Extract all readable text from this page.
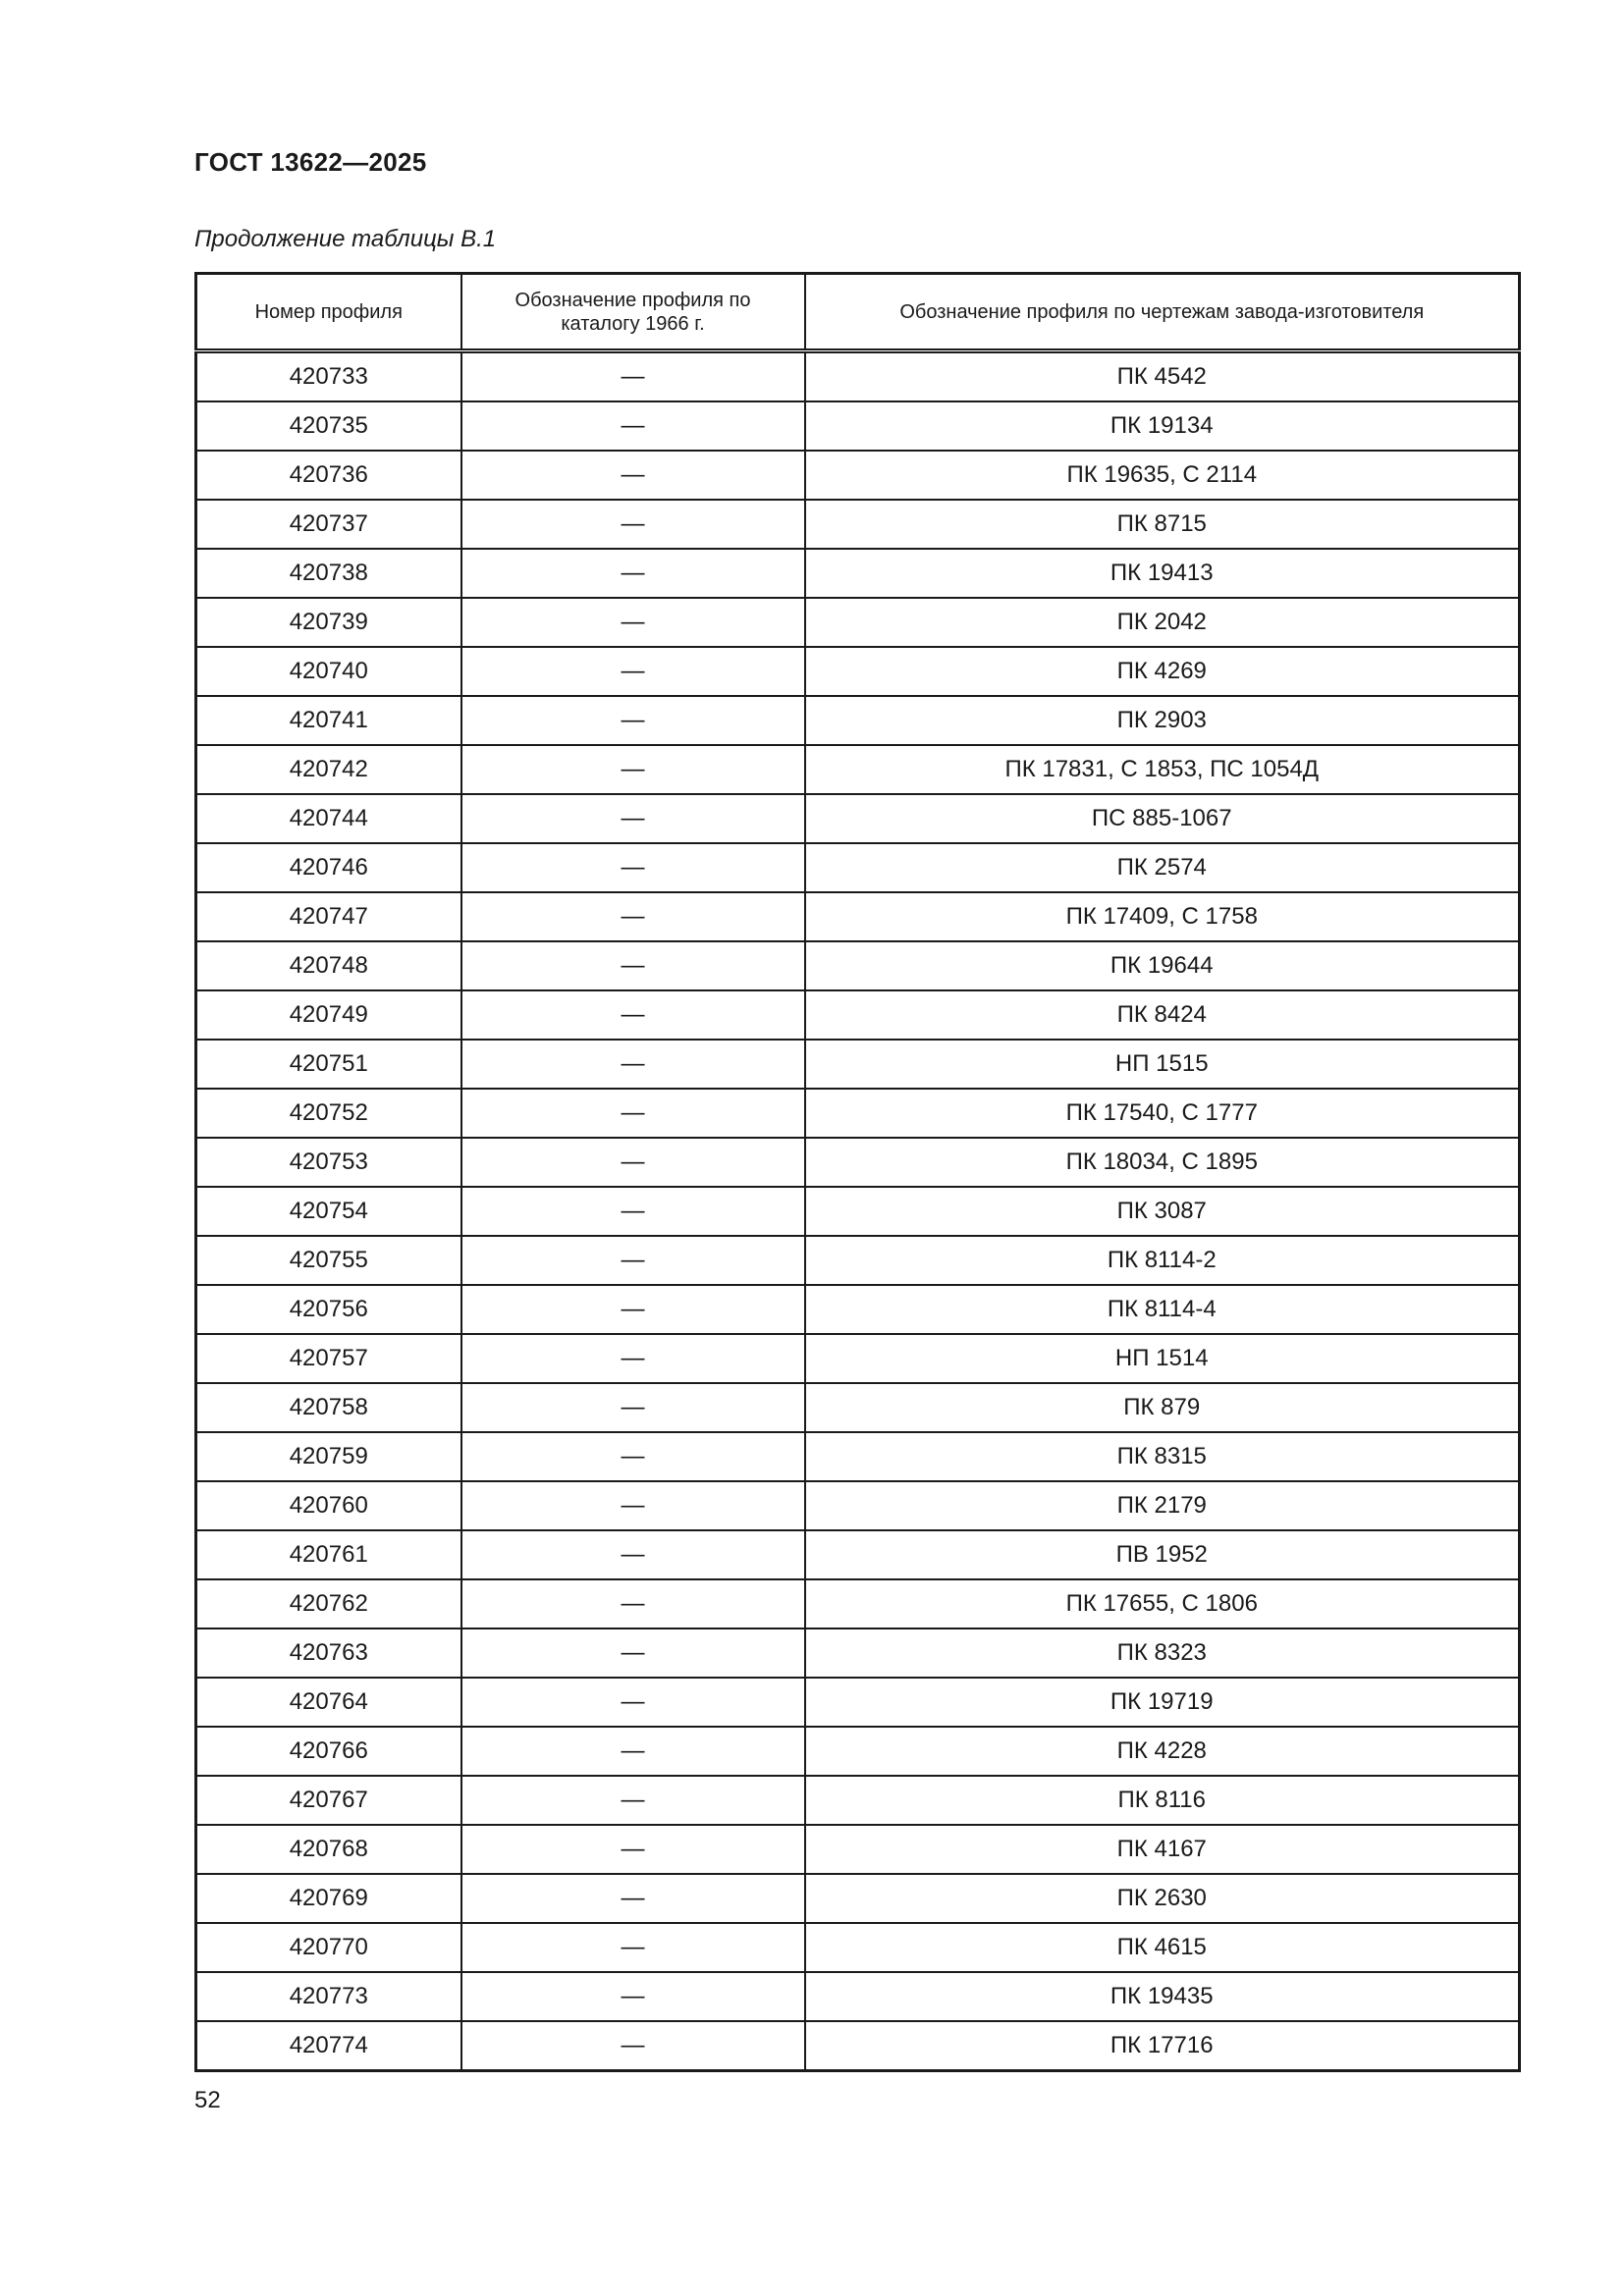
ГОСТ 13622—2025
Продолжение таблицы В.1
Номер профиля	Обозначение профиля по каталогу 1966 г.	Обозначение профиля по чертежам завода-изготовителя
420733	—	ПК 4542
420735	—	ПК 19134
420736	—	ПК 19635, С 2114
420737	—	ПК 8715
420738	—	ПК 19413
420739	—	ПК 2042
420740	—	ПК 4269
420741	—	ПК 2903
420742	—	ПК 17831, С 1853, ПС 1054Д
420744	—	ПС 885-1067
420746	—	ПК 2574
420747	—	ПК 17409, С 1758
420748	—	ПК 19644
420749	—	ПК 8424
420751	—	НП 1515
420752	—	ПК 17540, С 1777
420753	—	ПК 18034, С 1895
420754	—	ПК 3087
420755	—	ПК 8114-2
420756	—	ПК 8114-4
420757	—	НП 1514
420758	—	ПК 879
420759	—	ПК 8315
420760	—	ПК 2179
420761	—	ПВ 1952
420762	—	ПК 17655, С 1806
420763	—	ПК 8323
420764	—	ПК 19719
420766	—	ПК 4228
420767	—	ПК 8116
420768	—	ПК 4167
420769	—	ПК 2630
420770	—	ПК 4615
420773	—	ПК 19435
420774	—	ПК 17716
52
